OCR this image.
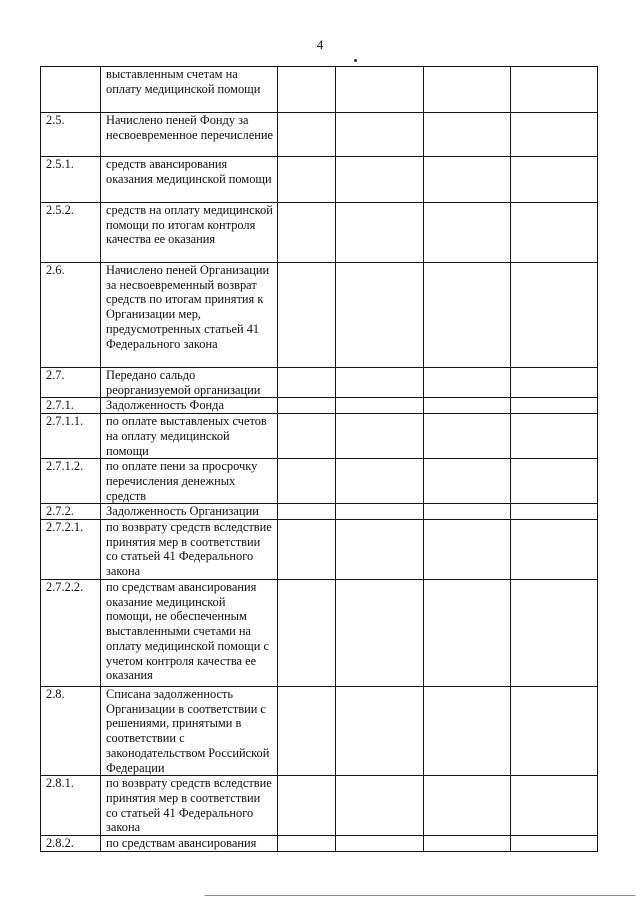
4
	выставленным счетам на оплату медицинской помощи				
2.5.	Начислено пеней Фонду за несвоевременное перечисление				
2.5.1.	средств авансирования оказания медицинской помощи				
2.5.2.	средств на оплату медицинской помощи по итогам контроля качества ее оказания				
2.6.	Начислено пеней Организации за несвоевременный возврат средств по итогам принятия к Организации мер, предусмотренных статьей 41 Федерального закона				
2.7.	Передано сальдо реорганизуемой организации				
2.7.1.	Задолженность Фонда				
2.7.1.1.	по оплате выставленых счетов на оплату медицинской помощи				
2.7.1.2.	по оплате пени за просрочку перечисления денежных средств				
2.7.2.	Задолженность Организации				
2.7.2.1.	по возврату средств вследствие принятия мер в соответствии со статьей 41 Федерального закона				
2.7.2.2.	по средствам авансирования оказание медицинской помощи, не обеспеченным выставленными счетами на оплату медицинской помощи с учетом контроля качества ее оказания				
2.8.	Списана задолженность Организации в соответствии с решениями, принятыми в соответствии с законодательством Российской Федерации				
2.8.1.	по возврату средств вследствие принятия мер в соответствии со статьей 41 Федерального закона				
2.8.2.	по средствам авансирования				
